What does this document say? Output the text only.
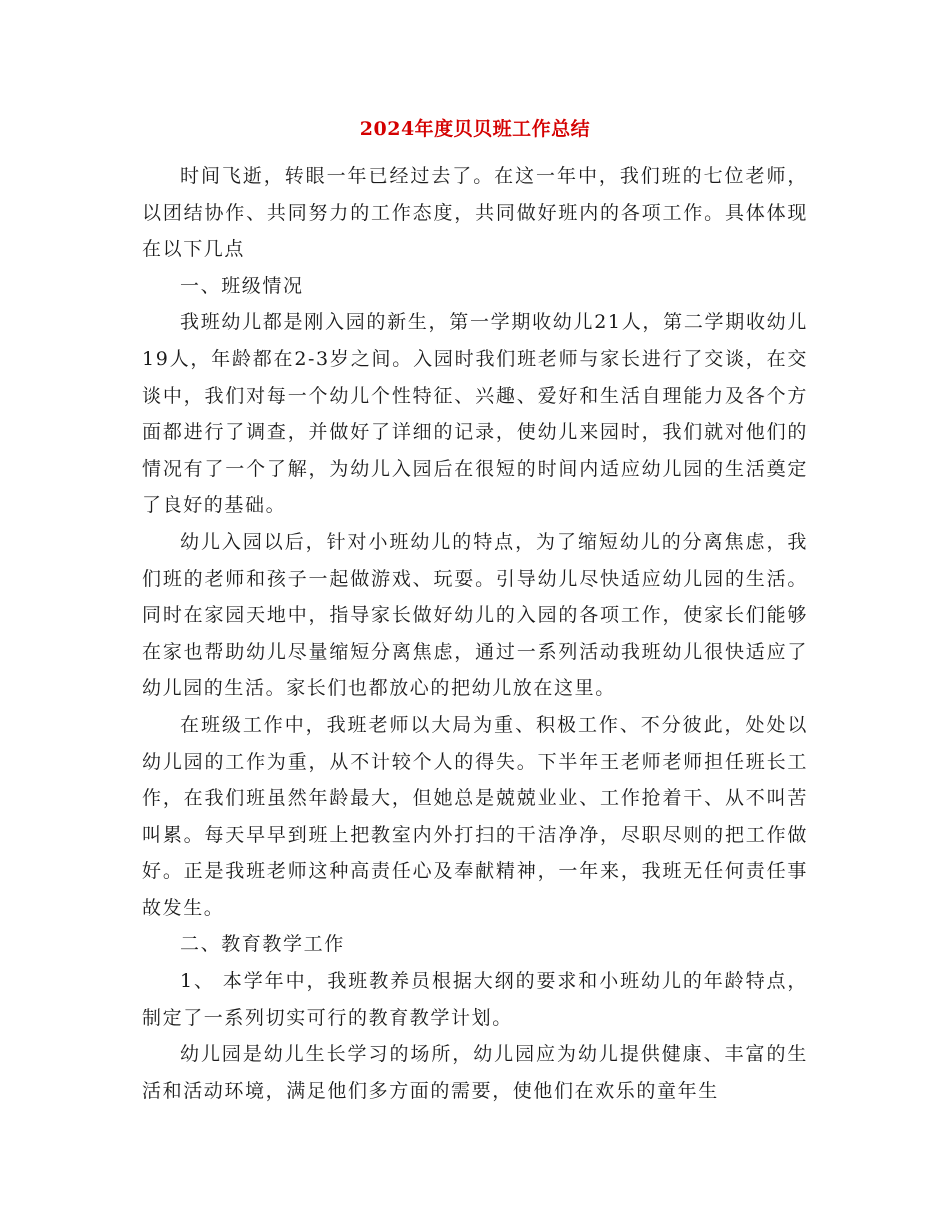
2024年度贝贝班工作总结

时间飞逝，转眼一年已经过去了。在这一年中，我们班的七位老师，以团结协作、共同努力的工作态度，共同做好班内的各项工作。具体体现在以下几点

一、班级情况

我班幼儿都是刚入园的新生，第一学期收幼儿21人，第二学期收幼儿19人，年龄都在2-3岁之间。入园时我们班老师与家长进行了交谈，在交谈中，我们对每一个幼儿个性特征、兴趣、爱好和生活自理能力及各个方面都进行了调查，并做好了详细的记录，使幼儿来园时，我们就对他们的情况有了一个了解，为幼儿入园后在很短的时间内适应幼儿园的生活奠定了良好的基础。

幼儿入园以后，针对小班幼儿的特点，为了缩短幼儿的分离焦虑，我们班的老师和孩子一起做游戏、玩耍。引导幼儿尽快适应幼儿园的生活。同时在家园天地中，指导家长做好幼儿的入园的各项工作，使家长们能够在家也帮助幼儿尽量缩短分离焦虑，通过一系列活动我班幼儿很快适应了幼儿园的生活。家长们也都放心的把幼儿放在这里。

在班级工作中，我班老师以大局为重、积极工作、不分彼此，处处以幼儿园的工作为重，从不计较个人的得失。下半年王老师老师担任班长工作，在我们班虽然年龄最大，但她总是兢兢业业、工作抢着干、从不叫苦叫累。每天早早到班上把教室内外打扫的干洁净净，尽职尽则的把工作做好。正是我班老师这种高责任心及奉献精神，一年来，我班无任何责任事故发生。

二、教育教学工作

1、 本学年中，我班教养员根据大纲的要求和小班幼儿的年龄特点，制定了一系列切实可行的教育教学计划。

幼儿园是幼儿生长学习的场所，幼儿园应为幼儿提供健康、丰富的生活和活动环境，满足他们多方面的需要，使他们在欢乐的童年生
